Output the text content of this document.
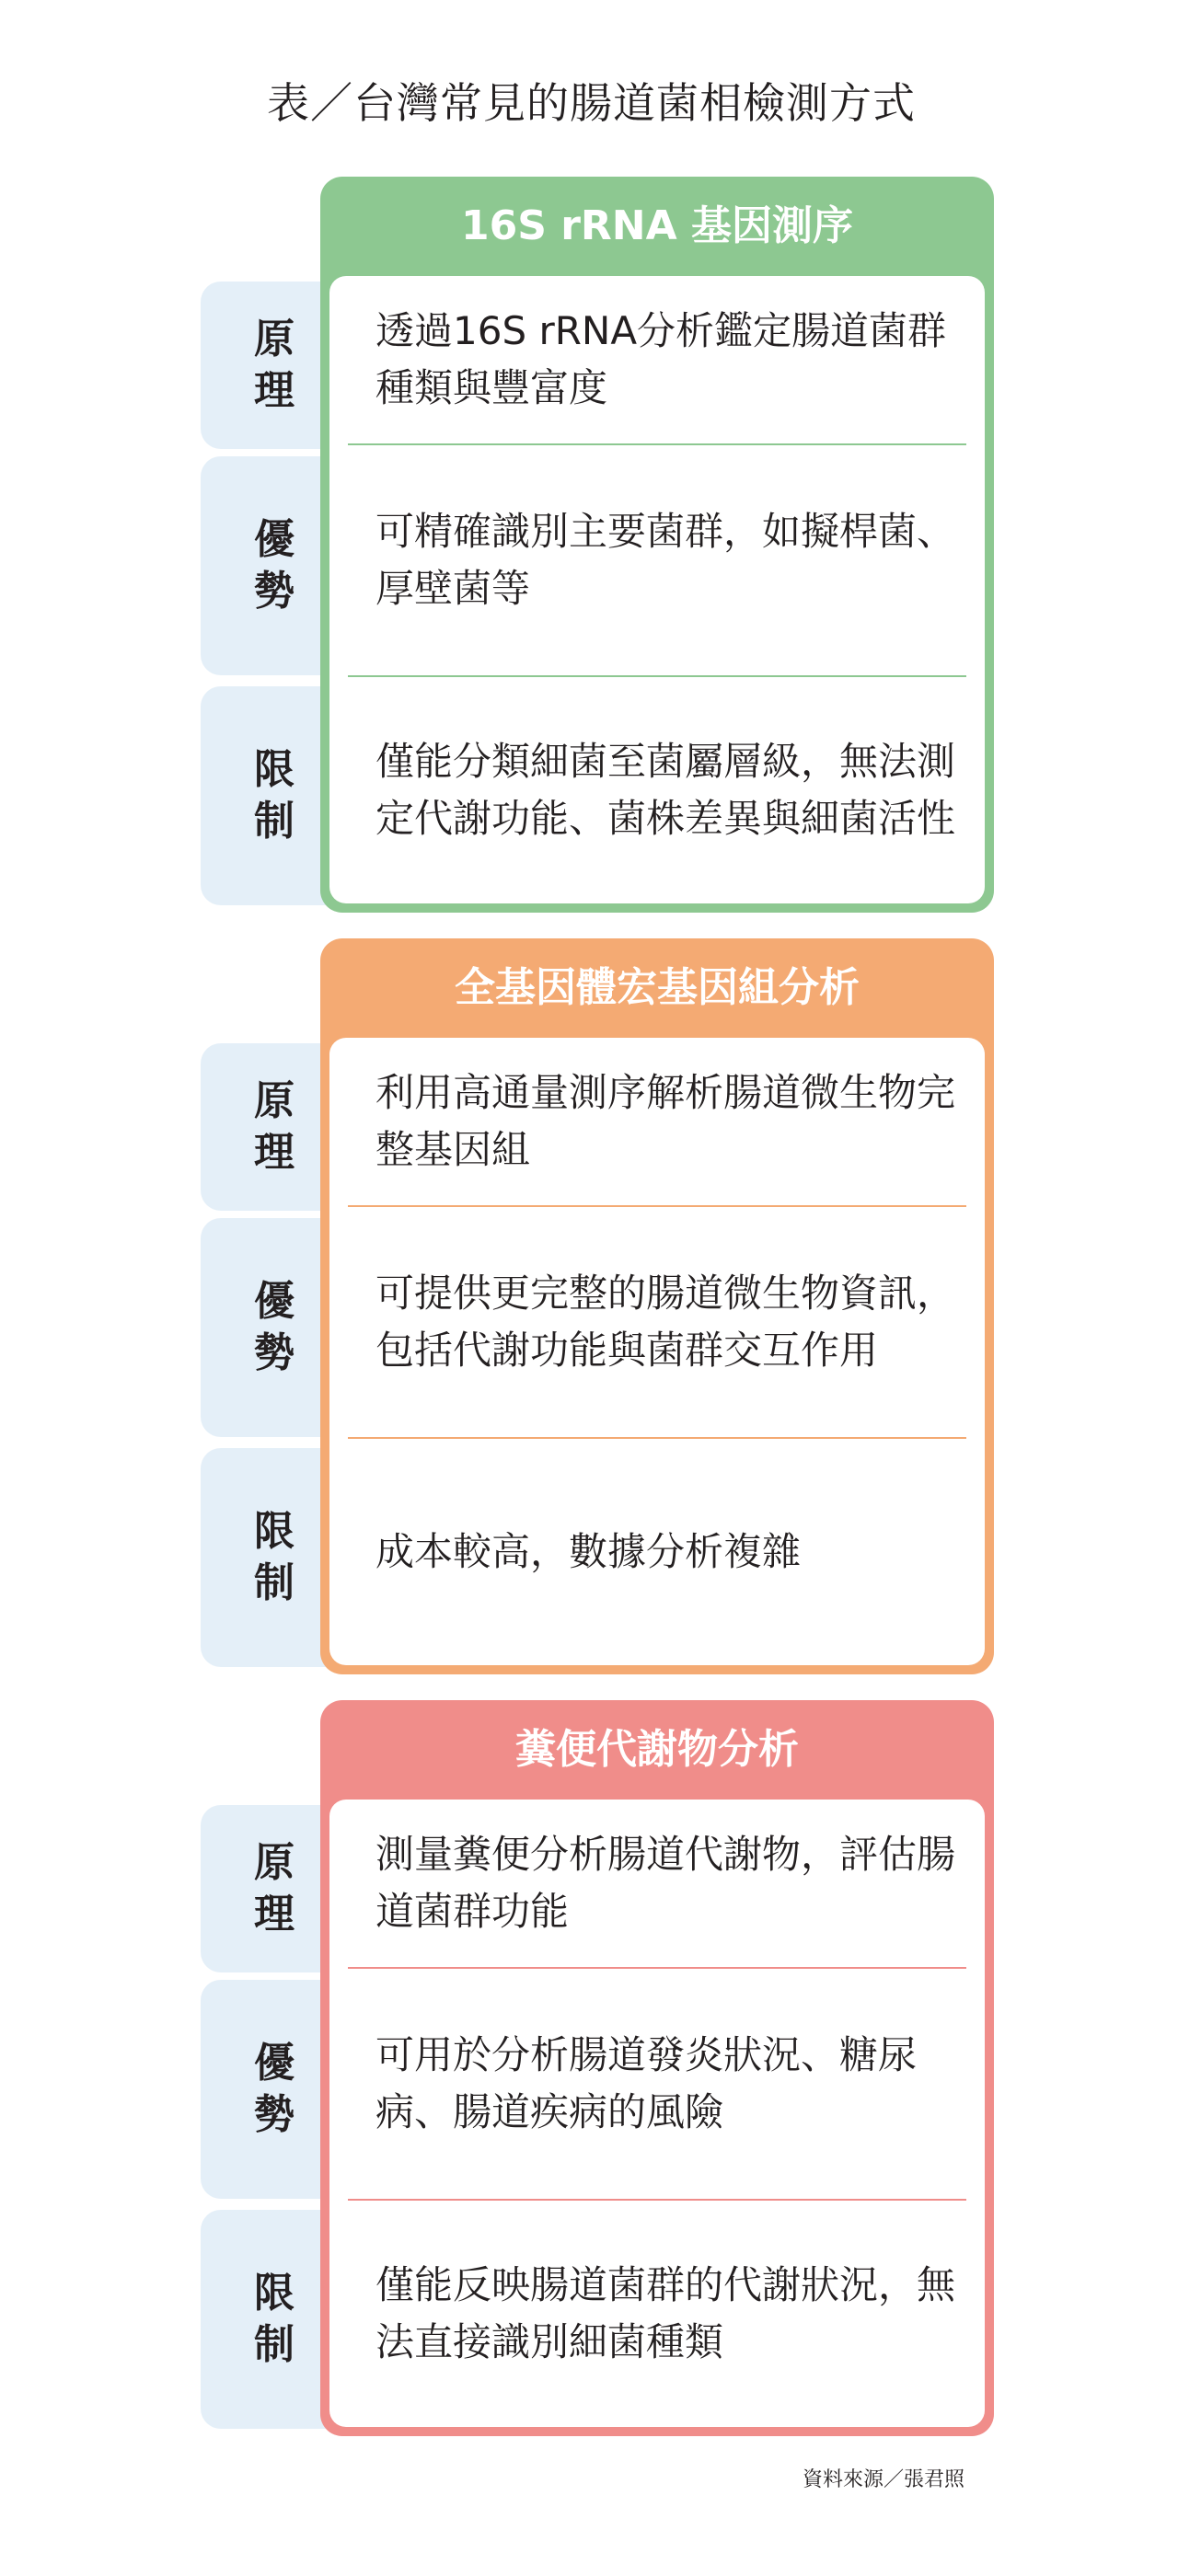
表／台灣常見的腸道菌相檢測方式
原理
優勢
限制
16S rRNA 基因測序
透過16S rRNA分析鑑定腸道菌群種類與豐富度
可精確識別主要菌群，如擬桿菌、厚壁菌等
僅能分類細菌至菌屬層級，無法測定代謝功能、菌株差異與細菌活性
原理
優勢
限制
全基因體宏基因組分析
利用高通量測序解析腸道微生物完整基因組
可提供更完整的腸道微生物資訊，包括代謝功能與菌群交互作用
成本較高，數據分析複雜
原理
優勢
限制
糞便代謝物分析
測量糞便分析腸道代謝物，評估腸道菌群功能
可用於分析腸道發炎狀況、糖尿病、腸道疾病的風險
僅能反映腸道菌群的代謝狀況，無法直接識別細菌種類
資料來源／張君照
